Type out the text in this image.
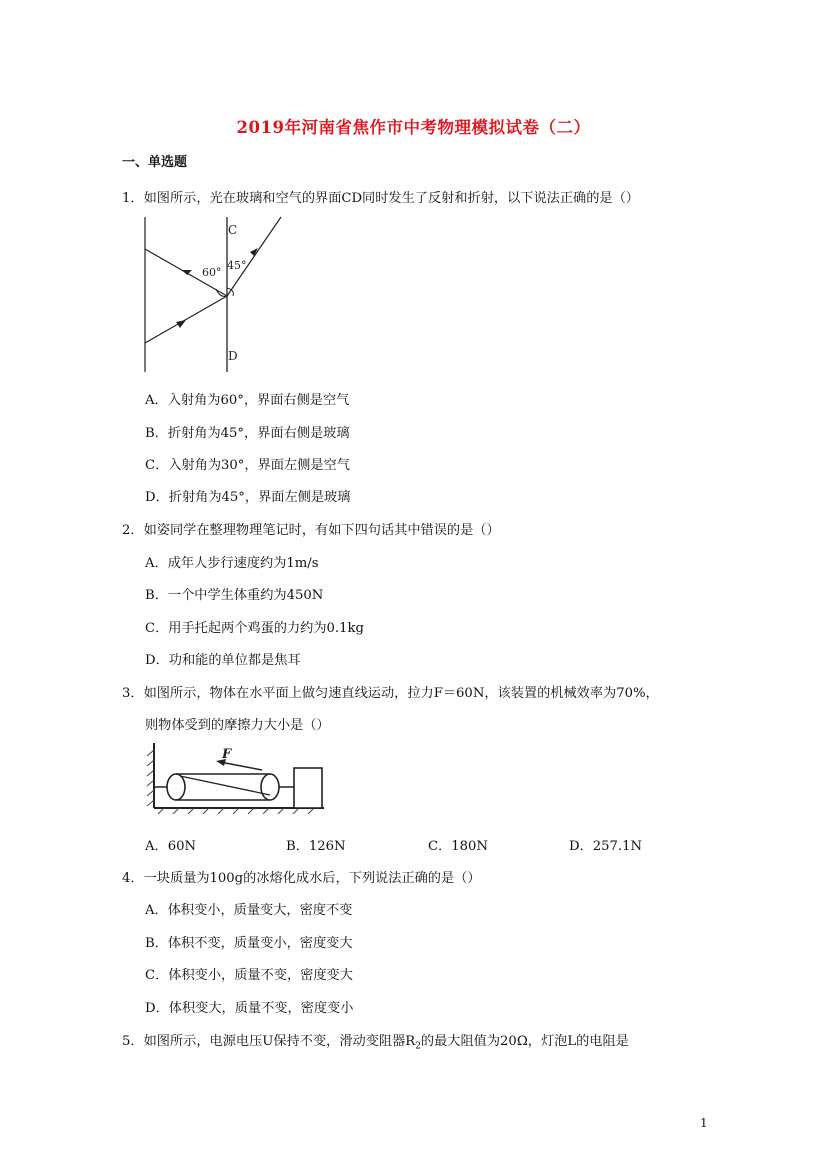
2019年河南省焦作市中考物理模拟试卷（二）
一、单选题
1．如图所示，光在玻璃和空气的界面CD同时发生了反射和折射，以下说法正确的是（）
C
D
60°
45°
A．入射角为60°，界面右侧是空气
B．折射角为45°，界面右侧是玻璃
C．入射角为30°，界面左侧是空气
D．折射角为45°，界面左侧是玻璃
2．如姿同学在整理物理笔记时，有如下四句话其中错误的是（）
A．成年人步行速度约为1m/s
B．一个中学生体重约为450N
C．用手托起两个鸡蛋的力约为0.1kg
D．功和能的单位都是焦耳
3．如图所示，物体在水平面上做匀速直线运动，拉力F＝60N，该装置的机械效率为70%，
则物体受到的摩擦力大小是（）
F
A．60N	B．126N	C．180N	D．257.1N
4．一块质量为100g的冰熔化成水后，下列说法正确的是（）
A．体积变小，质量变大，密度不变
B．体积不变，质量变小，密度变大
C．体积变小，质量不变，密度变大
D．体积变大，质量不变，密度变小
5．如图所示，电源电压U保持不变，滑动变阻器$R_2$的最大阻值为20Ω，灯泡L的电阻是
1
